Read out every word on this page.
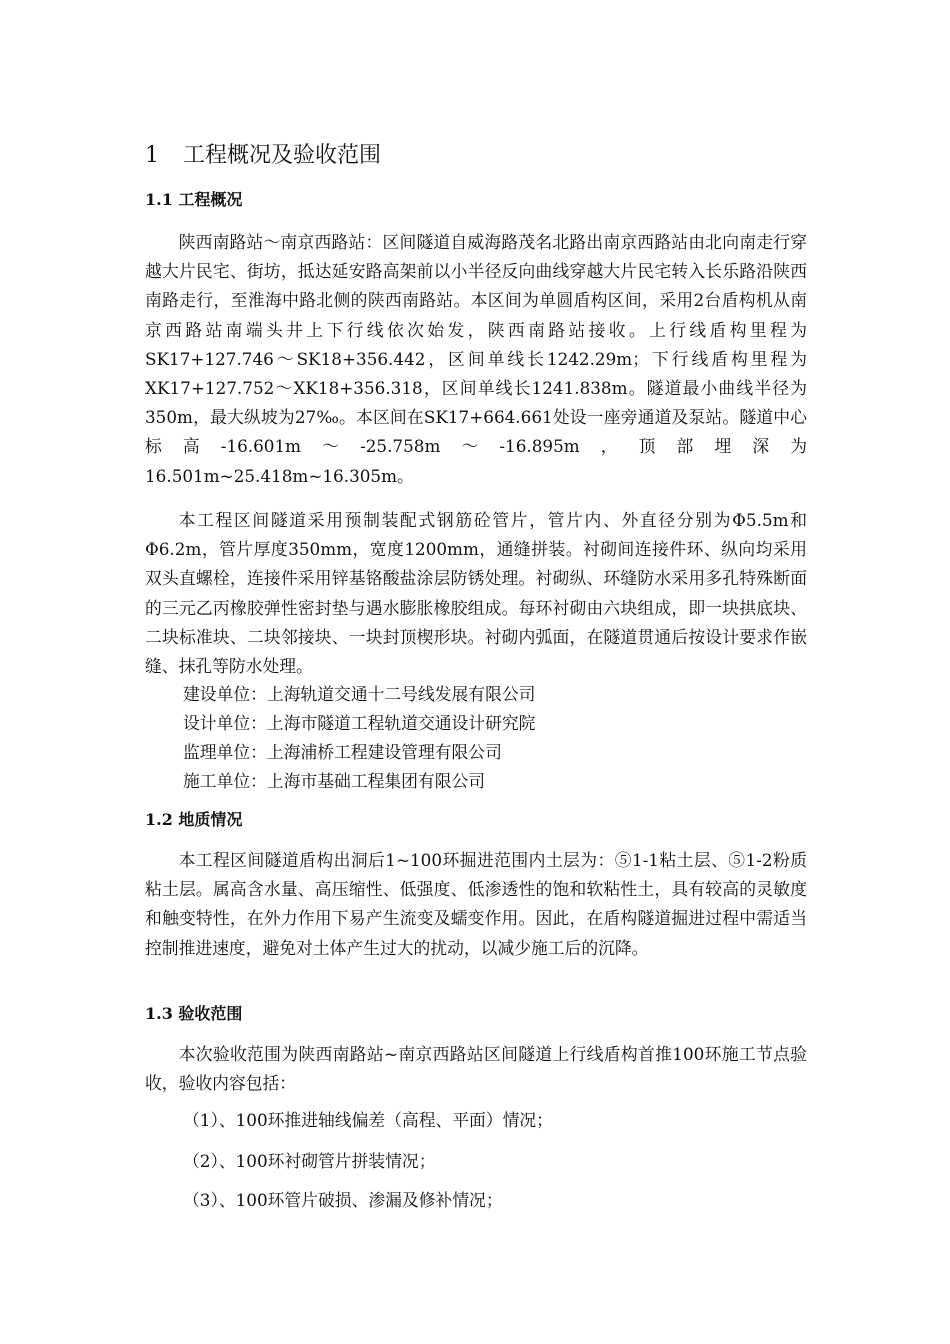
1 工程概况及验收范围
1.1 工程概况

陕西南路站～南京西路站：区间隧道自威海路茂名北路出南京西路站由北向南走行穿越大片民宅、街坊，抵达延安路高架前以小半径反向曲线穿越大片民宅转入长乐路沿陕西南路走行，至淮海中路北侧的陕西南路站。本区间为单圆盾构区间，采用2台盾构机从南京西路站南端头井上下行线依次始发，陕西南路站接收。上行线盾构里程为SK17+127.746～SK18+356.442，区间单线长1242.29m；下行线盾构里程为XK17+127.752～XK18+356.318，区间单线长1241.838m。隧道最小曲线半径为350m，最大纵坡为27‰。本区间在SK17+664.661处设一座旁通道及泵站。隧道中心标高-16.601m～-25.758m～-16.895m，顶部埋深为16.501m~25.418m~16.305m。

本工程区间隧道采用预制装配式钢筋砼管片，管片内、外直径分别为Φ5.5m和Φ6.2m，管片厚度350mm，宽度1200mm，通缝拼装。衬砌间连接件环、纵向均采用双头直螺栓，连接件采用锌基铬酸盐涂层防锈处理。衬砌纵、环缝防水采用多孔特殊断面的三元乙丙橡胶弹性密封垫与遇水膨胀橡胶组成。每环衬砌由六块组成，即一块拱底块、二块标准块、二块邻接块、一块封顶楔形块。衬砌内弧面，在隧道贯通后按设计要求作嵌缝、抹孔等防水处理。

建设单位：上海轨道交通十二号线发展有限公司
设计单位：上海市隧道工程轨道交通设计研究院
监理单位：上海浦桥工程建设管理有限公司
施工单位：上海市基础工程集团有限公司
1.2 地质情况

本工程区间隧道盾构出洞后1~100环掘进范围内土层为：⑤1-1粘土层、⑤1-2粉质粘土层。属高含水量、高压缩性、低强度、低渗透性的饱和软粘性土，具有较高的灵敏度和触变特性，在外力作用下易产生流变及蠕变作用。因此，在盾构隧道掘进过程中需适当控制推进速度，避免对土体产生过大的扰动，以减少施工后的沉降。

1.3 验收范围

本次验收范围为陕西南路站~南京西路站区间隧道上行线盾构首推100环施工节点验收，验收内容包括：

（1）、100环推进轴线偏差（高程、平面）情况；
（2）、100环衬砌管片拼装情况；
（3）、100环管片破损、渗漏及修补情况；
